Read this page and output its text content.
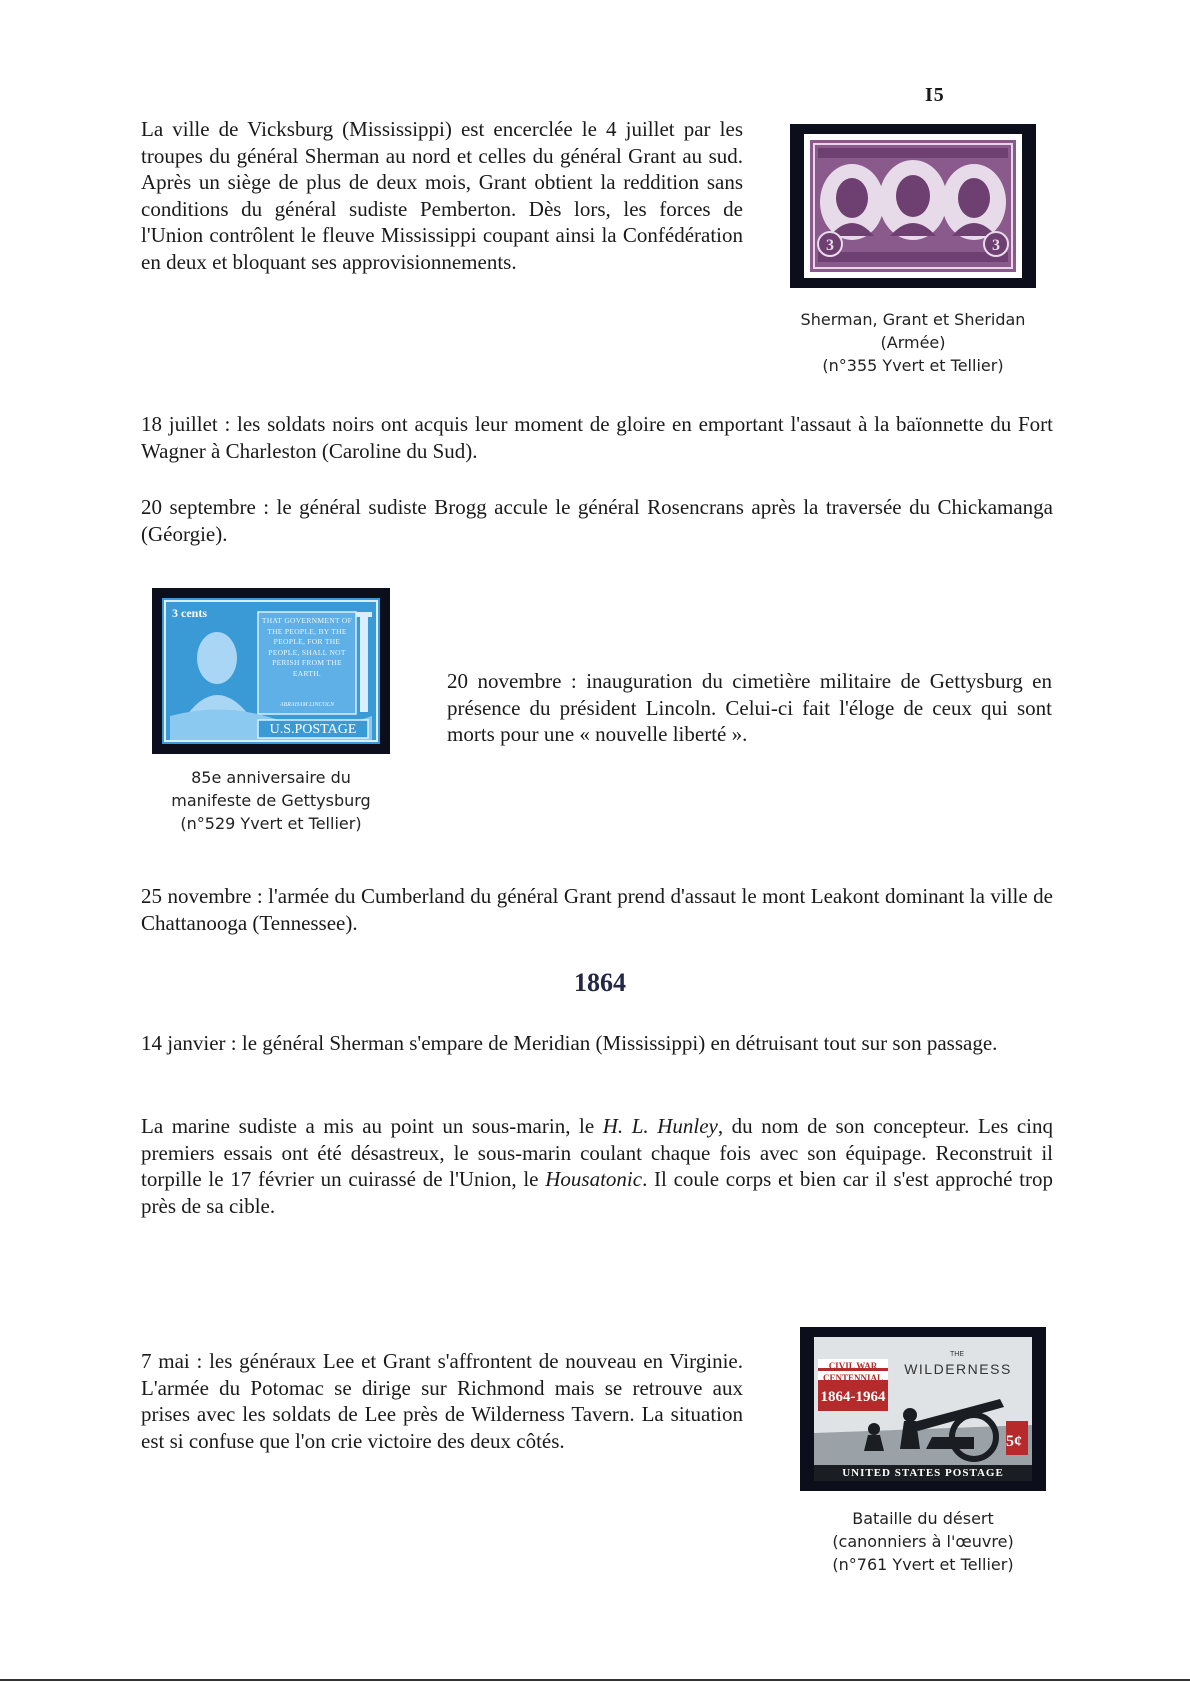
I5

La ville de Vicksburg (Mississippi) est encerclée le 4 juillet par les troupes du général Sherman au nord et celles du général Grant au sud. Après un siège de plus de deux mois, Grant obtient la reddition sans conditions du général sudiste Pemberton. Dès lors, les forces de l'Union contrôlent le fleuve Mississippi coupant ainsi la Confédération en deux et bloquant ses approvisionnements.

3	3
Sherman, Grant et Sheridan
(Armée)
(n°355 Yvert et Tellier)

18 juillet : les soldats noirs ont acquis leur moment de gloire en emportant l'assaut à la baïonnette du Fort Wagner à Charleston (Caroline du Sud).

20 septembre : le général sudiste Brogg accule le général Rosencrans après la traversée du Chickamanga (Géorgie).

3 cents
THAT GOVERNMENT OF THE PEOPLE, BY THE PEOPLE, FOR THE PEOPLE, SHALL NOT PERISH FROM THE EARTH.
ABRAHAM LINCOLN
U.S.POSTAGE
85e anniversaire du
manifeste de Gettysburg
(n°529 Yvert et Tellier)

20 novembre : inauguration du cimetière militaire de Gettysburg en présence du président Lincoln. Celui-ci fait l'éloge de ceux qui sont morts pour une « nouvelle liberté ».

25 novembre : l'armée du Cumberland du général Grant prend d'assaut le mont Leakont dominant la ville de Chattanooga (Tennessee).

1864

14 janvier : le général Sherman s'empare de Meridian (Mississippi) en détruisant tout sur son passage.

La marine sudiste a mis au point un sous-marin, le H. L. Hunley, du nom de son concepteur. Les cinq premiers essais ont été désastreux, le sous-marin coulant chaque fois avec son équipage. Reconstruit il torpille le 17 février un cuirassé de l'Union, le Housatonic. Il coule corps et bien car il s'est approché trop près de sa cible.

7 mai : les généraux Lee et Grant s'affrontent de nouveau en Virginie. L'armée du Potomac se dirige sur Richmond mais se retrouve aux prises avec les soldats de Lee près de Wilderness Tavern. La situation est si confuse que l'on crie victoire des deux côtés.

CIVIL WAR
CENTENNIAL
1864-1964
THE
WILDERNESS
5¢
UNITED STATES POSTAGE
Bataille du désert
(canonniers à l'œuvre)
(n°761 Yvert et Tellier)
